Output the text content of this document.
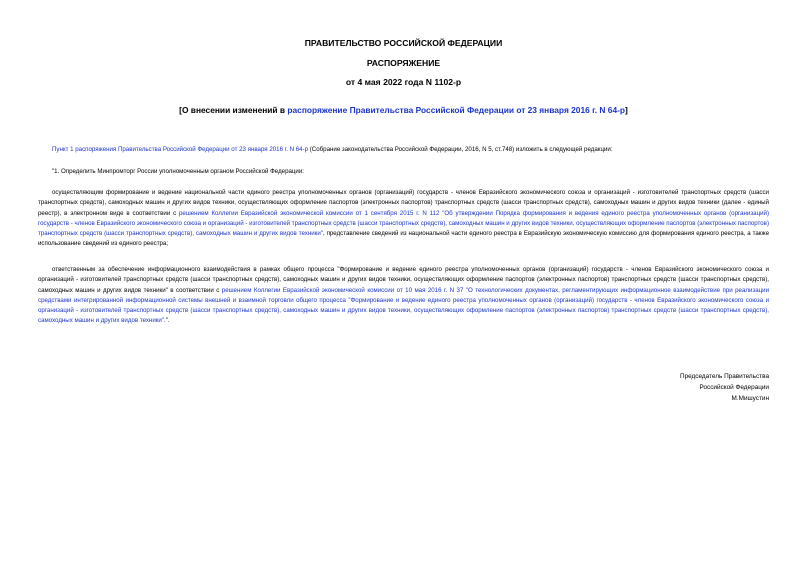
ПРАВИТЕЛЬСТВО РОССИЙСКОЙ ФЕДЕРАЦИИ
РАСПОРЯЖЕНИЕ
от 4 мая 2022 года N 1102-р
[О внесении изменений в распоряжение Правительства Российской Федерации от 23 января 2016 г. N 64-р]
Пункт 1 распоряжения Правительства Российской Федерации от 23 января 2016 г. N 64-р (Собрание законодательства Российской Федерации, 2016, N 5, ст.748) изложить в следующей редакции:
"1. Определить Минпромторг России уполномоченным органом Российской Федерации:
осуществляющим формирование и ведение национальной части единого реестра уполномоченных органов (организаций) государств - членов Евразийского экономического союза и организаций - изготовителей транспортных средств (шасси транспортных средств), самоходных машин и других видов техники, осуществляющих оформление паспортов (электронных паспортов) транспортных средств (шасси транспортных средств), самоходных машин и других видов техники (далее - единый реестр), в электронном виде в соответствии с решением Коллегии Евразийской экономической комиссии от 1 сентября 2015 г. N 112 "Об утверждении Порядка формирования и ведения единого реестра уполномоченных органов (организаций) государств - членов Евразийского экономического союза и организаций - изготовителей транспортных средств (шасси транспортных средств), самоходных машин и других видов техники, осуществляющих оформление паспортов (электронных паспортов) транспортных средств (шасси транспортных средств), самоходных машин и других видов техники", представление сведений из национальной части единого реестра в Евразийскую экономическую комиссию для формирования единого реестра, а также использование сведений из единого реестра;
ответственным за обеспечение информационного взаимодействия в рамках общего процесса "Формирование и ведение единого реестра уполномоченных органов (организаций) государств - членов Евразийского экономического союза и организаций - изготовителей транспортных средств (шасси транспортных средств), самоходных машин и других видов техники, осуществляющих оформление паспортов (электронных паспортов) транспортных средств (шасси транспортных средств), самоходных машин и других видов техники" в соответствии с решением Коллегии Евразийской экономической комиссии от 10 мая 2016 г. N 37 "О технологических документах, регламентирующих информационное взаимодействие при реализации средствами интегрированной информационной системы внешней и взаимной торговли общего процесса "Формирование и ведение единого реестра уполномоченных органов (организаций) государств - членов Евразийского экономического союза и организаций - изготовителей транспортных средств (шасси транспортных средств), самоходных машин и других видов техники, осуществляющих оформление паспортов (электронных паспортов) транспортных средств (шасси транспортных средств), самоходных машин и других видов техники".".
Председатель Правительства
Российской Федерации
М.Мишустин
